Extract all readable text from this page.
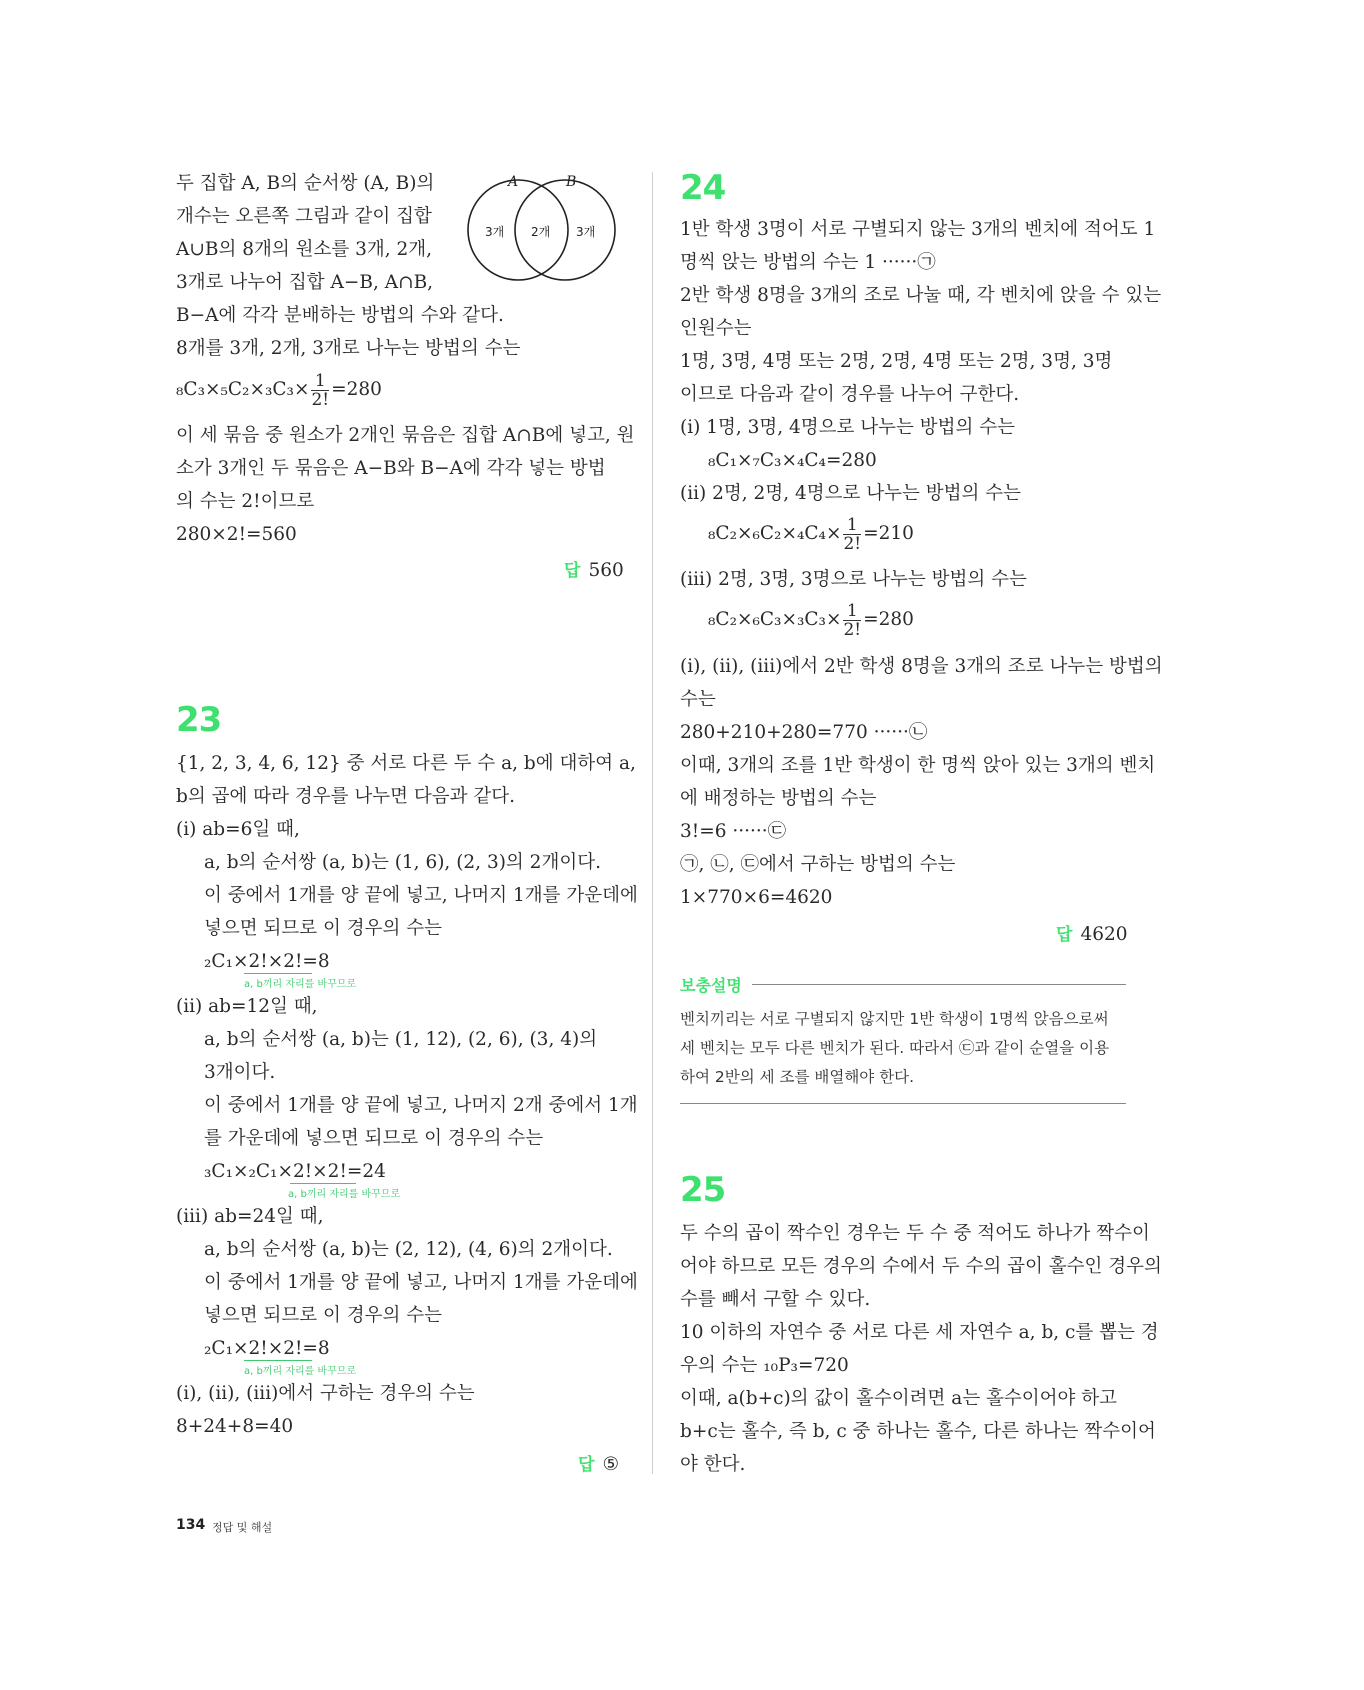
두 집합 A, B의 순서쌍 (A, B)의
개수는 오른쪽 그림과 같이 집합
A∪B의 8개의 원소를 3개, 2개,
3개로 나누어 집합 A−B, A∩B,
B−A에 각각 분배하는 방법의 수와 같다.
8개를 3개, 2개, 3개로 나누는 방법의 수는
A	B
3개 2개 3개
$_8C_3\times_5C_2\times_3C_3\times \frac{1}{2!} =280$
이 세 묶음 중 원소가 2개인 묶음은 집합 A∩B에 넣고, 원
소가 3개인 두 묶음은 A−B와 B−A에 각각 넣는 방법
의 수는 2!이므로
280×2!=560
답 560
23
{1, 2, 3, 4, 6, 12} 중 서로 다른 두 수 a, b에 대하여 a,
b의 곱에 따라 경우를 나누면 다음과 같다.
(i) ab=6일 때,
a, b의 순서쌍 (a, b)는 (1, 6), (2, 3)의 2개이다.
이 중에서 1개를 양 끝에 넣고, 나머지 1개를 가운데에
넣으면 되므로 이 경우의 수는
₂C₁×2!×2!=8
a, b끼리 자리를 바꾸므로
(ii) ab=12일 때,
a, b의 순서쌍 (a, b)는 (1, 12), (2, 6), (3, 4)의
3개이다.
이 중에서 1개를 양 끝에 넣고, 나머지 2개 중에서 1개
를 가운데에 넣으면 되므로 이 경우의 수는
₃C₁×₂C₁×2!×2!=24
a, b끼리 자리를 바꾸므로
(iii) ab=24일 때,
a, b의 순서쌍 (a, b)는 (2, 12), (4, 6)의 2개이다.
이 중에서 1개를 양 끝에 넣고, 나머지 1개를 가운데에
넣으면 되므로 이 경우의 수는
₂C₁×2!×2!=8
a, b끼리 자리를 바꾸므로
(i), (ii), (iii)에서 구하는 경우의 수는
8+24+8=40
답 ⑤
24
1반 학생 3명이 서로 구별되지 않는 3개의 벤치에 적어도 1
명씩 앉는 방법의 수는 1 ······㉠
2반 학생 8명을 3개의 조로 나눌 때, 각 벤치에 앉을 수 있는
인원수는
1명, 3명, 4명 또는 2명, 2명, 4명 또는 2명, 3명, 3명
이므로 다음과 같이 경우를 나누어 구한다.
(i) 1명, 3명, 4명으로 나누는 방법의 수는
₈C₁×₇C₃×₄C₄=280
(ii) 2명, 2명, 4명으로 나누는 방법의 수는
$_8C_2\times_6C_2\times_4C_4\times \frac{1}{2!} =210$
(iii) 2명, 3명, 3명으로 나누는 방법의 수는
$_8C_2\times_6C_3\times_3C_3\times \frac{1}{2!} =280$
(i), (ii), (iii)에서 2반 학생 8명을 3개의 조로 나누는 방법의
수는
280+210+280=770 ······㉡
이때, 3개의 조를 1반 학생이 한 명씩 앉아 있는 3개의 벤치
에 배정하는 방법의 수는
3!=6 ······㉢
㉠, ㉡, ㉢에서 구하는 방법의 수는
1×770×6=4620
답 4620
보충설명
벤치끼리는 서로 구별되지 않지만 1반 학생이 1명씩 앉음으로써
세 벤치는 모두 다른 벤치가 된다. 따라서 ㉢과 같이 순열을 이용
하여 2반의 세 조를 배열해야 한다.
25
두 수의 곱이 짝수인 경우는 두 수 중 적어도 하나가 짝수이
어야 하므로 모든 경우의 수에서 두 수의 곱이 홀수인 경우의
수를 빼서 구할 수 있다.
10 이하의 자연수 중 서로 다른 세 자연수 a, b, c를 뽑는 경
우의 수는 ₁₀P₃=720
이때, a(b+c)의 값이 홀수이려면 a는 홀수이어야 하고
b+c는 홀수, 즉 b, c 중 하나는 홀수, 다른 하나는 짝수이어
야 한다.
134 정답 및 해설
